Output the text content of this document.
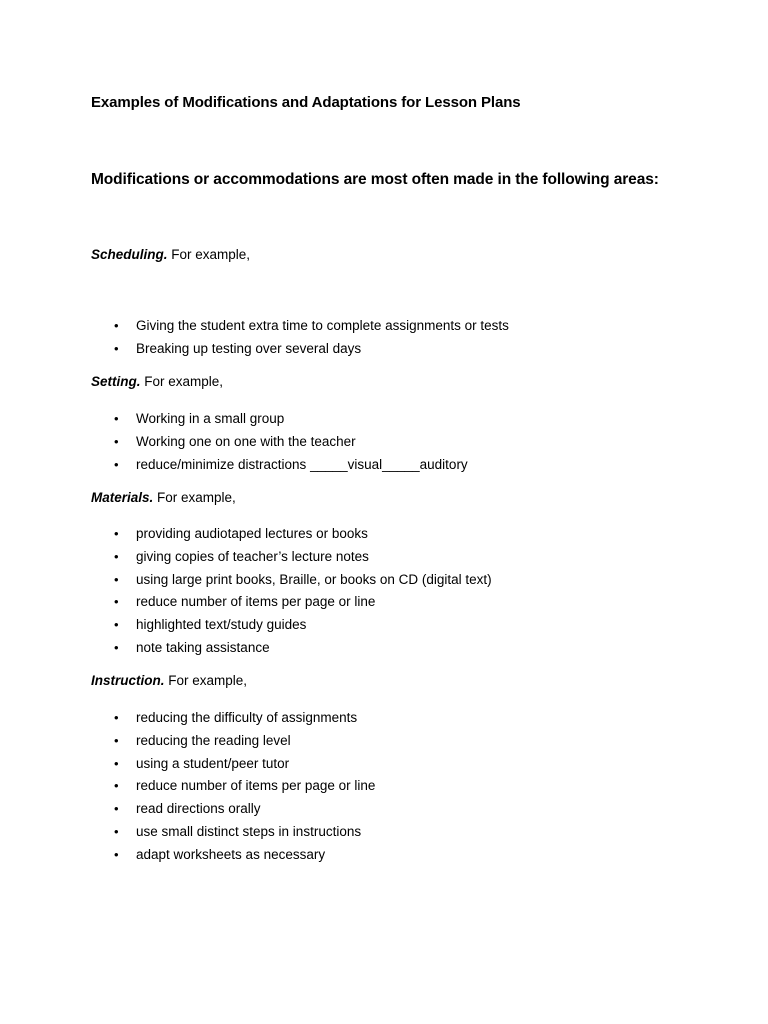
Examples of Modifications and Adaptations for Lesson Plans
Modifications or accommodations are most often made in the following areas:
Scheduling. For example,
• Giving the student extra time to complete assignments or tests
• Breaking up testing over several days
Setting. For example,
• Working in a small group
• Working one on one with the teacher
• reduce/minimize distractions _____visual_____auditory
Materials. For example,
• providing audiotaped lectures or books
• giving copies of teacher’s lecture notes
• using large print books, Braille, or books on CD (digital text)
• reduce number of items per page or line
• highlighted text/study guides
• note taking assistance
Instruction. For example,
• reducing the difficulty of assignments
• reducing the reading level
• using a student/peer tutor
• reduce number of items per page or line
• read directions orally
• use small distinct steps in instructions
• adapt worksheets as necessary
